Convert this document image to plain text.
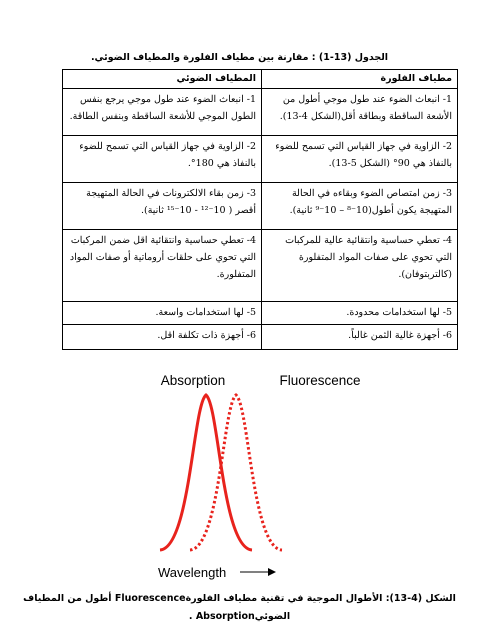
الجدول (13-1) : مقارنة بين مطياف الفلورة والمطياف الضوئي.
مطياف الفلورة	المطياف الضوئي
1- انبعاث الضوء عند طول موجي أطول من الأشعة الساقطة وبطاقة أقل(الشكل 4-13).	1- انبعاث الضوء عند طول موجي يرجع بنفس الطول الموجي للأشعة الساقطة وبنفس الطاقة.
2- الزاوية في جهاز القياس التي تسمح للضوء بالنفاذ هي 90° (الشكل 5-13).	2- الزاوية في جهاز القياس التي تسمح للضوء بالنفاذ هي 180°.
3- زمن امتصاص الضوء وبقاءه في الحالة المتهيجة يكون أطول(10⁻⁸ – 10⁻⁹ ثانية).	3- زمن بقاء الالكترونات في الحالة المتهيجة أقصر ( 10⁻¹² - 10⁻¹⁵ ثانية).
4- تعطي حساسية وانتقائية عالية للمركبات التي تحوي على صفات المواد المتفلورة (كالتربتوفان).	4- تعطي حساسية وانتقائية اقل ضمن المركبات التي تحوي على حلقات أروماتية أو صفات المواد المتفلورة.
5- لها استخدامات محدودة.	5- لها استخدامات واسعة.
6- أجهزة غالية الثمن غالباً.	6- أجهزة ذات تكلفة اقل.
Absorption	Fluorescence
Wavelength
الشكل (4-13): الأطوال الموجية في تقنية مطياف الفلورةFluorescence أطول من المطياف الضوئيAbsorption .
